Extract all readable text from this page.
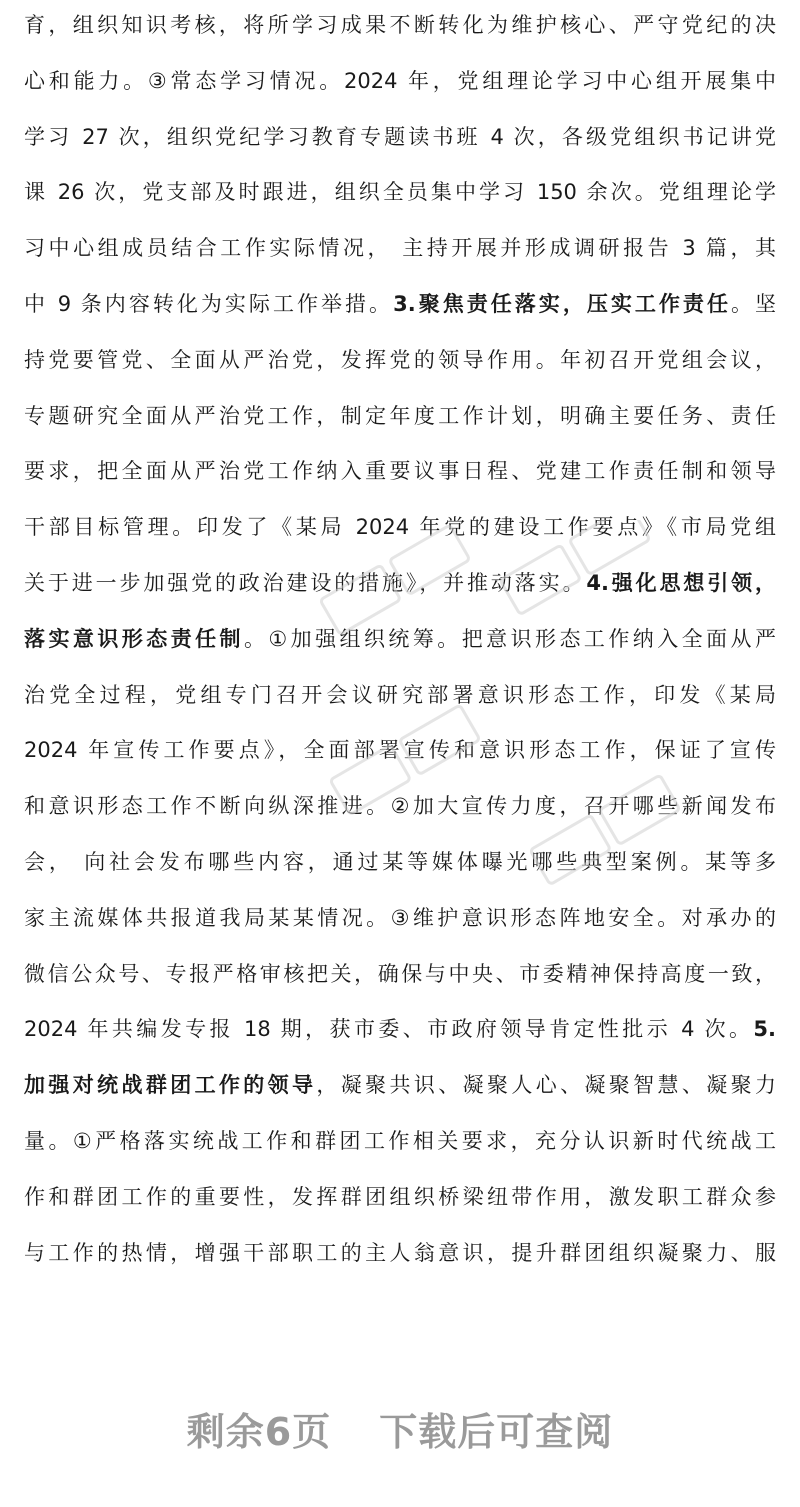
育，组织知识考核，将所学习成果不断转化为维护核心、严守党纪的决
心和能力。③常态学习情况。2024 年，党组理论学习中心组开展集中
学习 27 次，组织党纪学习教育专题读书班 4 次，各级党组织书记讲党
课 26 次，党支部及时跟进，组织全员集中学习 150 余次。党组理论学
习中心组成员结合工作实际情况， 主持开展并形成调研报告 3 篇，其
中 9 条内容转化为实际工作举措。3.聚焦责任落实，压实工作责任。坚
持党要管党、全面从严治党，发挥党的领导作用。年初召开党组会议，
专题研究全面从严治党工作，制定年度工作计划，明确主要任务、责任
要求，把全面从严治党工作纳入重要议事日程、党建工作责任制和领导
干部目标管理。印发了《某局 2024 年党的建设工作要点》《市局党组
关于进一步加强党的政治建设的措施》，并推动落实。4.强化思想引领，
落实意识形态责任制。①加强组织统筹。把意识形态工作纳入全面从严
治党全过程，党组专门召开会议研究部署意识形态工作，印发《某局
2024 年宣传工作要点》，全面部署宣传和意识形态工作，保证了宣传
和意识形态工作不断向纵深推进。②加大宣传力度，召开哪些新闻发布
会， 向社会发布哪些内容，通过某等媒体曝光哪些典型案例。某等多
家主流媒体共报道我局某某情况。③维护意识形态阵地安全。对承办的
微信公众号、专报严格审核把关，确保与中央、市委精神保持高度一致，
2024 年共编发专报 18 期，获市委、市政府领导肯定性批示 4 次。5.
加强对统战群团工作的领导，凝聚共识、凝聚人心、凝聚智慧、凝聚力
量。①严格落实统战工作和群团工作相关要求，充分认识新时代统战工
作和群团工作的重要性，发挥群团组织桥梁纽带作用，激发职工群众参
与工作的热情，增强干部职工的主人翁意识，提升群团组织凝聚力、服
剩余6页 下载后可查阅
